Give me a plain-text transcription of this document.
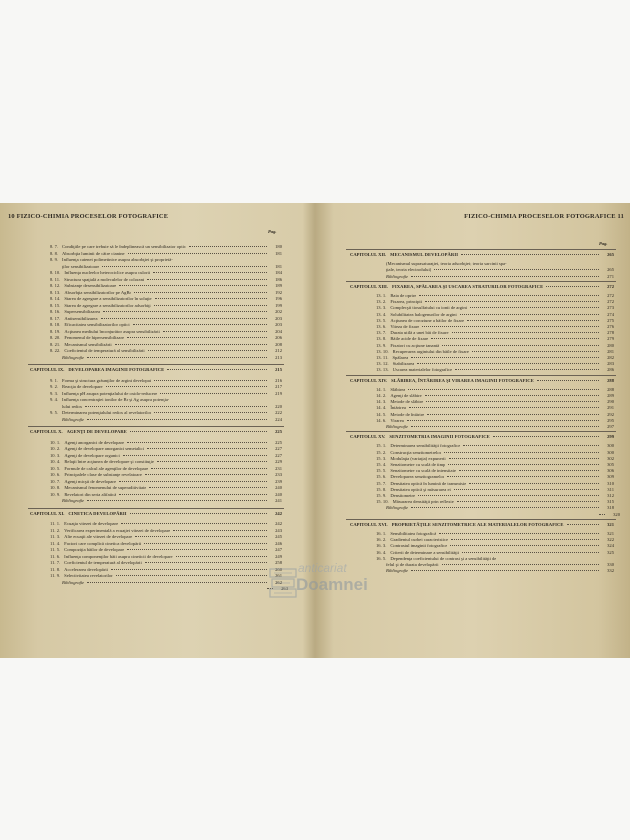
10 FIZICO-CHIMIA PROCESELOR FOTOGRAFICE
Pag.
8. 7. Condiţiile pe care trebuie să le îndeplinească un sensibilizator optic	180
8. 8. Absorbţia luminii de către cianine	181
8. 9. Influenţa catenei polimetinice asupra absorbţiei şi proprietă-
ţilor sensibilizatoare	181
8. 10. Influenţa nucleelor heterociclice asupra culorii	184
8. 11. Structura spaţială a moleculelor de colorant	186
8. 12. Substanţe desensibilizatoare	189
8. 13. Absorbţia sensibilizatorilor pe AgBr	192
8. 14. Starea de agregare a sensibilizatorilor în soluţie	196
8. 15. Starea de agregare a sensibilizatorilor adsorbiţi	199
8. 16. Supersensibilizarea	202
8. 17. Antisensibilizarea	203
8. 18. Eficacitatea sensibilizatorilor optici	203
8. 19. Acţiunea mediului înconjurător asupra sensibilizării	204
8. 20. Fenomenul de hipersensibilizare	206
8. 21. Mecanismul sensibilizării	208
8. 22. Coeficientul de temperatură al sensibilizării	212
Bibliografie	213
CAPITOLUL IX. DEVELOPAREA IMAGINII FOTOGRAFICE	215
9. 1. Forma şi structura grăunţilor de argint developat	216
9. 2. Reacţia de developare	217
9. 3. Influenţa pH asupra potenţialului de oxido-reducere	219
9. 4. Influenţa concentraţiei ionilor de Br şi Ag asupra potenţia-
lului redox	220
9. 5. Determinarea potenţialului redox al revelatorilor	222
Bibliografie	224
CAPITOLUL X. AGENŢI DE DEVELOPARE	225
10. 1. Agenţi anorganici de developare	225
10. 2. Agenţi de developare anorganici semetalici	227
10. 3. Agenţi de developare organici	227
10. 4. Relaţii între acţiunea de developare şi constituţie	229
10. 5. Formule de calcul ale agenţilor de developare	231
10. 6. Principalele clase de substanţe revelatoare	233
10. 7. Agenţi micşti de developare	239
10. 8. Mecanismul fenomenului de superaditivitate	240
10. 9. Revelatori din seria alifatică	240
Bibliografie	241
CAPITOLUL XI. CINETICA DEVELOPĂRII	242
11. 1. Ecuaţia vitezei de developare	242
11. 2. Verificarea experimentală a ecuaţiei vitezei de developare	243
11. 3. Alte ecuaţii ale vitezei de developare	245
11. 4. Factori care complică cinetica developării	246
11. 5. Compoziţia băilor de developare	247
11. 6. Influenţa componenţilor băii asupra cineticii de developare	249
11. 7. Coeficientul de temperatură al developării	258
11. 8. Accelerarea developării	260
11. 9. Selectivitatea revelatorilor	261
Bibliografie	262
263
FIZICO-CHIMIA PROCESELOR FOTOGRAFICE 11
Pag.
CAPITOLUL XII. MECANISMUL DEVELOPĂRII	265
(Mecanismul suprasaturaţiei, teoria adsorbţiei; teoria sarcinii spa-
ţiale, teoria electrodului)	265
Bibliografie	271
CAPITOLUL XIII. FIXAREA, SPĂLAREA ŞI USCAREA STRATURILOR FOTOGRAFICE	272
13. 1. Baia de oprire	272
13. 2. Fixarea, principii	272
13. 3. Complecşii tiosulfatului cu ionii de argint	273
13. 4. Solubilitatea halogenurilor de argint	274
13. 5. Acţiunea de coroziune a băilor de fixare	275
13. 6. Viteza de fixare	276
13. 7. Durata utilă a unei băi de fixare	278
13. 8. Băile acide de fixare	279
13. 9. Fixatori cu acţiune tanantă	280
13. 10. Recuperarea argintului din băile de fixare	281
13. 11. Spălarea	282
13. 12. Stabilizarea	283
13. 13. Uscarea materialelor fotografice	286
CAPITOLUL XIV. SLĂBIREA, ÎNTĂRIREA ŞI VIRAREA IMAGINII FOTOGRAFICE	288
14. 1. Slăbirea	288
14. 2. Agenţi de slăbire	289
14. 3. Metode de slăbire	290
14. 4. Întărirea	291
14. 5. Metode de întărire	292
14. 6. Virarea	295
Bibliografie	297
CAPITOLUL XV. SENZITOMETRIA IMAGINII FOTOGRAFICE	299
15. 1. Determinarea sensibilităţii fotografice	300
15. 2. Construcţia senzitometrelor	300
15. 3. Modulaţia (variaţia) expunerii	302
15. 4. Senzitometre cu scală de timp	305
15. 5. Senzitometre cu scală de intensitate	306
15. 6. Developarea senzitogramelor	309
15. 7. Densitatea optică în lumină de transmisie	310
15. 8. Densitatea optică şi măsurarea ei	311
15. 9. Densitometre	312
15. 10. Măsurarea densităţii prin reflexie	315
Bibliografie	318
320
CAPITOLUL XVI. PROPRIETĂŢILE SENZITOMETRICE ALE MATERIALELOR FOTOGRAFICE	321
16. 1. Sensibilitatea fotografică	321
16. 2. Gradientul curbei caracteristice	322
16. 3. Contrastul imaginii fotografice	324
16. 4. Criterii de determinare a sensibilităţii	325
16. 5. Dependenţa coeficientului de contrast şi a sensibilităţii de
felul şi de durata developării	330
Bibliografie	332
anticariat
Doamnei
